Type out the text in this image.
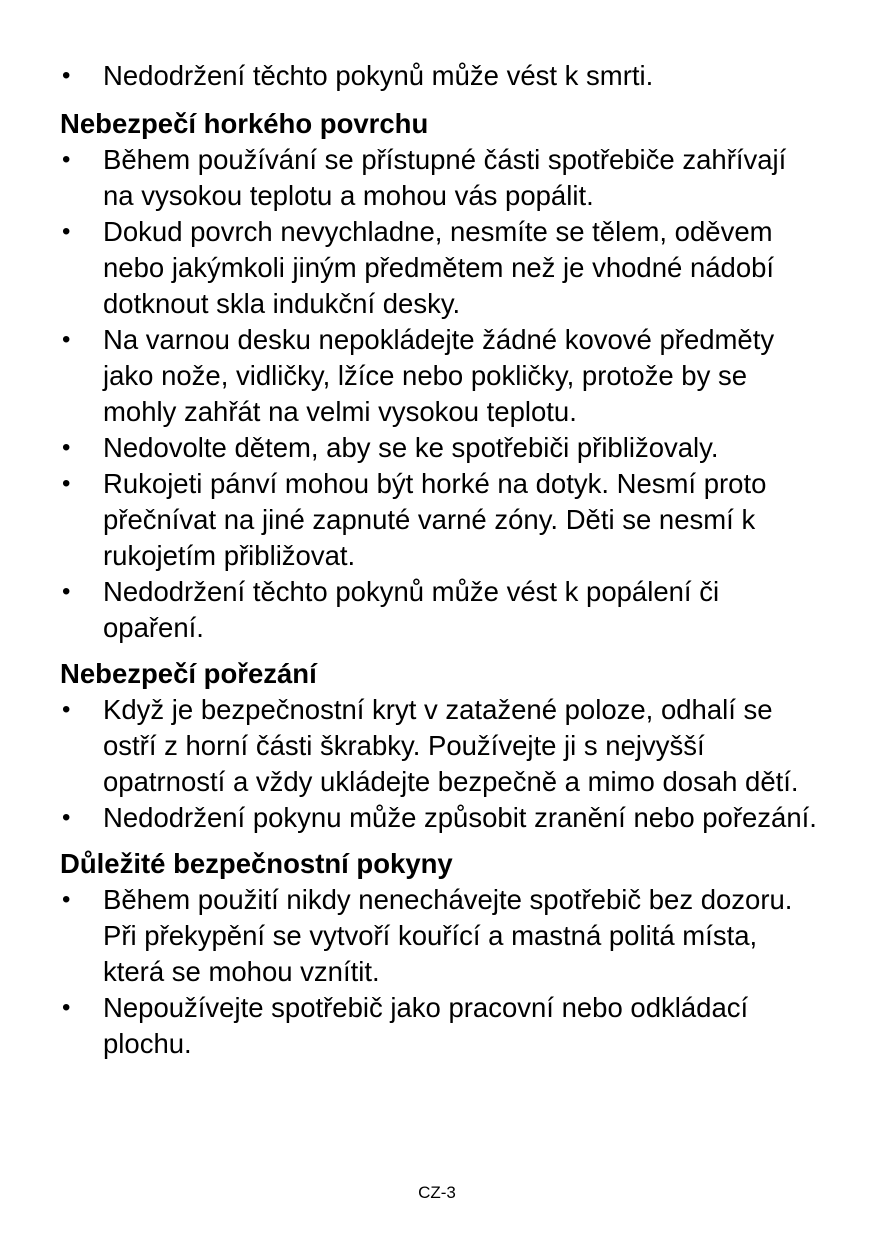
• Nedodržení těchto pokynů může vést k smrti.
Nebezpečí horkého povrchu
• Během používání se přístupné části spotřebiče zahřívají na vysokou teplotu a mohou vás popálit.
• Dokud povrch nevychladne, nesmíte se tělem, oděvem nebo jakýmkoli jiným předmětem než je vhodné nádobí dotknout skla indukční desky.
• Na varnou desku nepokládejte žádné kovové předměty jako nože, vidličky, lžíce nebo pokličky, protože by se mohly zahřát na velmi vysokou teplotu.
• Nedovolte dětem, aby se ke spotřebiči přibližovaly.
• Rukojeti pánví mohou být horké na dotyk. Nesmí proto přečnívat na jiné zapnuté varné zóny. Děti se nesmí k rukojetím přibližovat.
• Nedodržení těchto pokynů může vést k popálení či opaření.
Nebezpečí pořezání
• Když je bezpečnostní kryt v zatažené poloze, odhalí se ostří z horní části škrabky. Používejte ji s nejvyšší opatrností a vždy ukládejte bezpečně a mimo dosah dětí.
• Nedodržení pokynu může způsobit zranění nebo pořezání.
Důležité bezpečnostní pokyny
• Během použití nikdy nenechávejte spotřebič bez dozoru. Při překypění se vytvoří kouřící a mastná politá místa, která se mohou vznítit.
• Nepoužívejte spotřebič jako pracovní nebo odkládací plochu.
CZ-3
